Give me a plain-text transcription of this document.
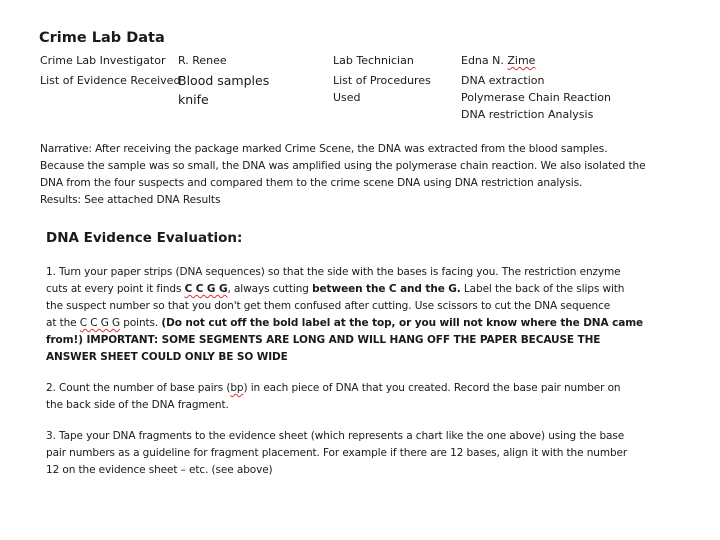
Crime Lab Data
Crime Lab Investigator R. Renee	Lab Technician	Edna N. Zime
List of Evidence Received
Blood samples
knife
List of Procedures
Used
DNA extraction
Polymerase Chain Reaction
DNA restriction Analysis

Narrative: After receiving the package marked Crime Scene, the DNA was extracted from the blood samples.

Because the sample was so small, the DNA was amplified using the polymerase chain reaction. We also isolated the

DNA from the four suspects and compared them to the crime scene DNA using DNA restriction analysis.

Results: See attached DNA Results

DNA Evidence Evaluation:

1. Turn your paper strips (DNA sequences) so that the side with the bases is facing you. The restriction enzyme

cuts at every point it finds C C G G, always cutting between the C and the G. Label the back of the slips with

the suspect number so that you don't get them confused after cutting. Use scissors to cut the DNA sequence

at the C C G G points. (Do not cut off the bold label at the top, or you will not know where the DNA came

from!) IMPORTANT: SOME SEGMENTS ARE LONG AND WILL HANG OFF THE PAPER BECAUSE THE

ANSWER SHEET COULD ONLY BE SO WIDE

2. Count the number of base pairs (bp) in each piece of DNA that you created. Record the base pair number on

the back side of the DNA fragment.

3. Tape your DNA fragments to the evidence sheet (which represents a chart like the one above) using the base

pair numbers as a guideline for fragment placement. For example if there are 12 bases, align it with the number

12 on the evidence sheet – etc. (see above)
